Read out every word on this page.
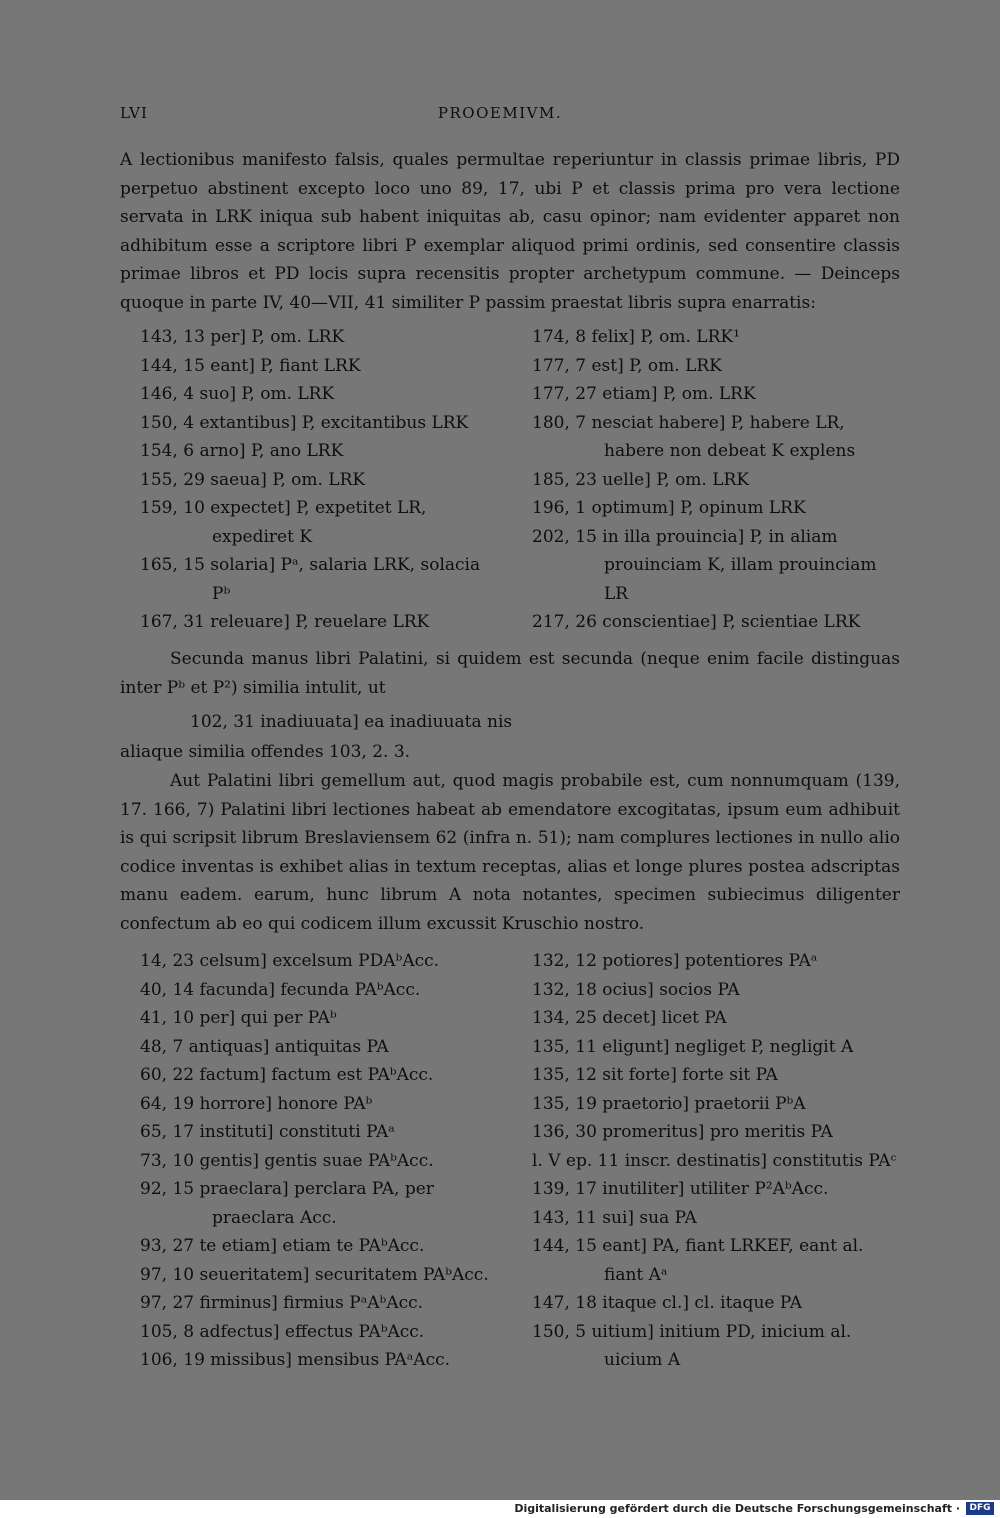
LVI	PROOEMIVM.
A lectionibus manifesto falsis, quales permultae reperiuntur in classis primae libris, PD perpetuo abstinent excepto loco uno 89, 17, ubi P et classis prima pro vera lectione servata in LRK iniqua sub habent iniquitas ab, casu opinor; nam evidenter apparet non adhibitum esse a scriptore libri P exemplar aliquod primi ordinis, sed consentire classis primae libros et PD locis supra recensitis propter archetypum commune. — Deinceps quoque in parte IV, 40—VII, 41 similiter P passim praestat libris supra enarratis:
143, 13 per] P, om. LRK
144, 15 eant] P, fiant LRK
146, 4 suo] P, om. LRK
150, 4 extantibus] P, excitantibus LRK
154, 6 arno] P, ano LRK
155, 29 saeua] P, om. LRK
159, 10 expectet] P, expetitet LR, expediret K
165, 15 solaria] Pᵃ, salaria LRK, solacia Pᵇ
167, 31 releuare] P, reuelare LRK
174, 8 felix] P, om. LRK¹
177, 7 est] P, om. LRK
177, 27 etiam] P, om. LRK
180, 7 nesciat habere] P, habere LR, habere non debeat K explens
185, 23 uelle] P, om. LRK
196, 1 optimum] P, opinum LRK
202, 15 in illa prouincia] P, in aliam prouinciam K, illam prouinciam LR
217, 26 conscientiae] P, scientiae LRK
Secunda manus libri Palatini, si quidem est secunda (neque enim facile distinguas inter Pᵇ et P²) similia intulit, ut
102, 31 inadiuuata] ea inadiuuata nis
aliaque similia offendes 103, 2. 3.
Aut Palatini libri gemellum aut, quod magis probabile est, cum nonnumquam (139, 17. 166, 7) Palatini libri lectiones habeat ab emendatore excogitatas, ipsum eum adhibuit is qui scripsit librum Breslaviensem 62 (infra n. 51); nam complures lectiones in nullo alio codice inventas is exhibet alias in textum receptas, alias et longe plures postea adscriptas manu eadem. earum, hunc librum A nota notantes, specimen subiecimus diligenter confectum ab eo qui codicem illum excussit Kruschio nostro.
14, 23 celsum] excelsum PDAᵇAcc.
40, 14 facunda] fecunda PAᵇAcc.
41, 10 per] qui per PAᵇ
48, 7 antiquas] antiquitas PA
60, 22 factum] factum est PAᵇAcc.
64, 19 horrore] honore PAᵇ
65, 17 instituti] constituti PAᵃ
73, 10 gentis] gentis suae PAᵇAcc.
92, 15 praeclara] perclara PA, per praeclara Acc.
93, 27 te etiam] etiam te PAᵇAcc.
97, 10 seueritatem] securitatem PAᵇAcc.
97, 27 firminus] firmius PᵃAᵇAcc.
105, 8 adfectus] effectus PAᵇAcc.
106, 19 missibus] mensibus PAᵃAcc.
132, 12 potiores] potentiores PAᵃ
132, 18 ocius] socios PA
134, 25 decet] licet PA
135, 11 eligunt] negliget P, negligit A
135, 12 sit forte] forte sit PA
135, 19 praetorio] praetorii PᵇA
136, 30 promeritus] pro meritis PA
l. V ep. 11 inscr. destinatis] constitutis PAᶜ
139, 17 inutiliter] utiliter P²AᵇAcc.
143, 11 sui] sua PA
144, 15 eant] PA, fiant LRKEF, eant al. fiant Aᵃ
147, 18 itaque cl.] cl. itaque PA
150, 5 uitium] initium PD, inicium al. uicium A
Digitalisierung gefördert durch die Deutsche Forschungsgemeinschaft ·	DFG
